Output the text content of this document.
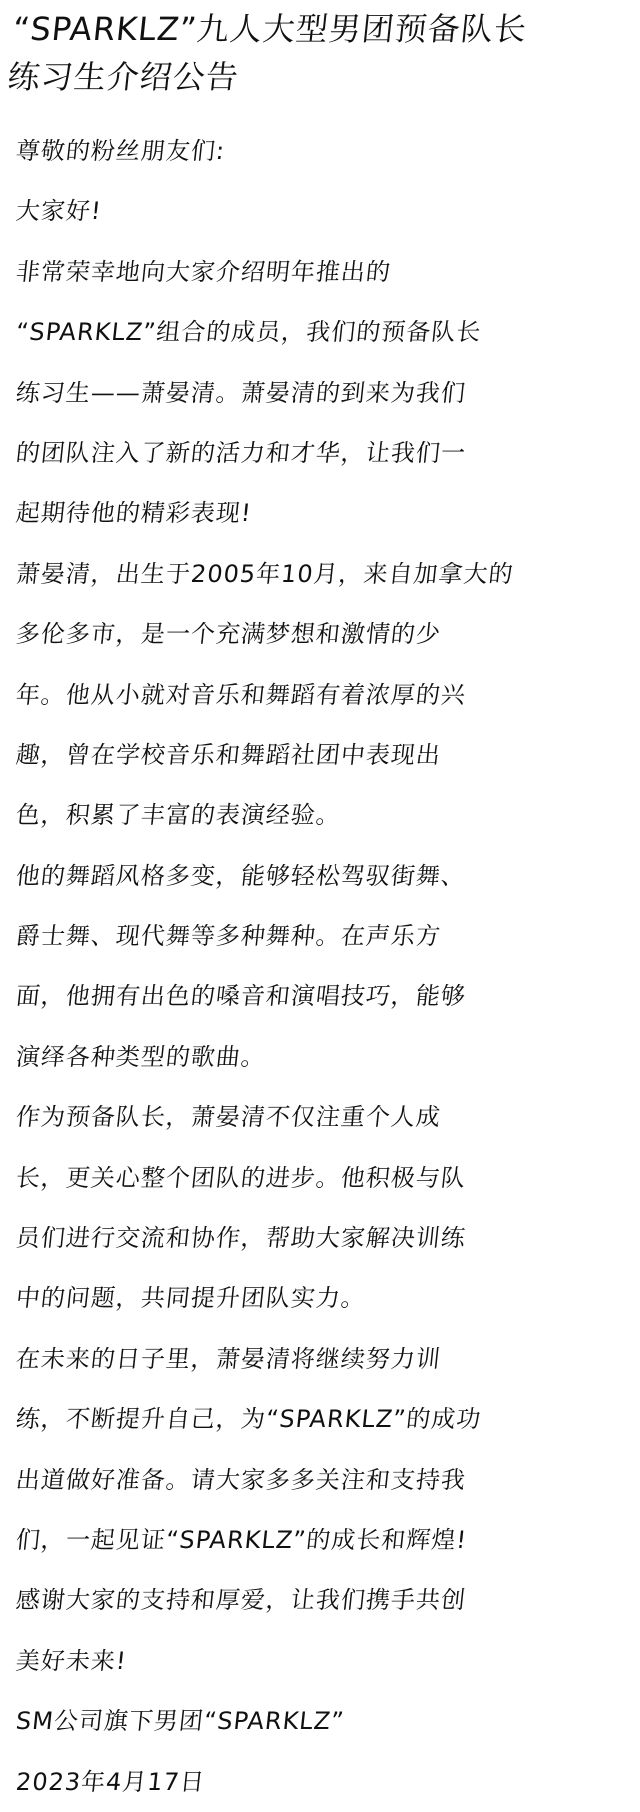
“SPARKLZ”九人大型男团预备队长
练习生介绍公告
尊敬的粉丝朋友们:
大家好!
非常荣幸地向大家介绍明年推出的
“SPARKLZ”组合的成员，我们的预备队长
练习生——萧晏清。萧晏清的到来为我们
的团队注入了新的活力和才华，让我们一
起期待他的精彩表现!
萧晏清，出生于2005年10月，来自加拿大的
多伦多市，是一个充满梦想和激情的少
年。他从小就对音乐和舞蹈有着浓厚的兴
趣，曾在学校音乐和舞蹈社团中表现出
色，积累了丰富的表演经验。
他的舞蹈风格多变，能够轻松驾驭街舞、
爵士舞、现代舞等多种舞种。在声乐方
面，他拥有出色的嗓音和演唱技巧，能够
演绎各种类型的歌曲。
作为预备队长，萧晏清不仅注重个人成
长，更关心整个团队的进步。他积极与队
员们进行交流和协作，帮助大家解决训练
中的问题，共同提升团队实力。
在未来的日子里，萧晏清将继续努力训
练，不断提升自己，为“SPARKLZ”的成功
出道做好准备。请大家多多关注和支持我
们，一起见证“SPARKLZ”的成长和辉煌!
感谢大家的支持和厚爱，让我们携手共创
美好未来!
SM公司旗下男团“SPARKLZ”
2023年4月17日
